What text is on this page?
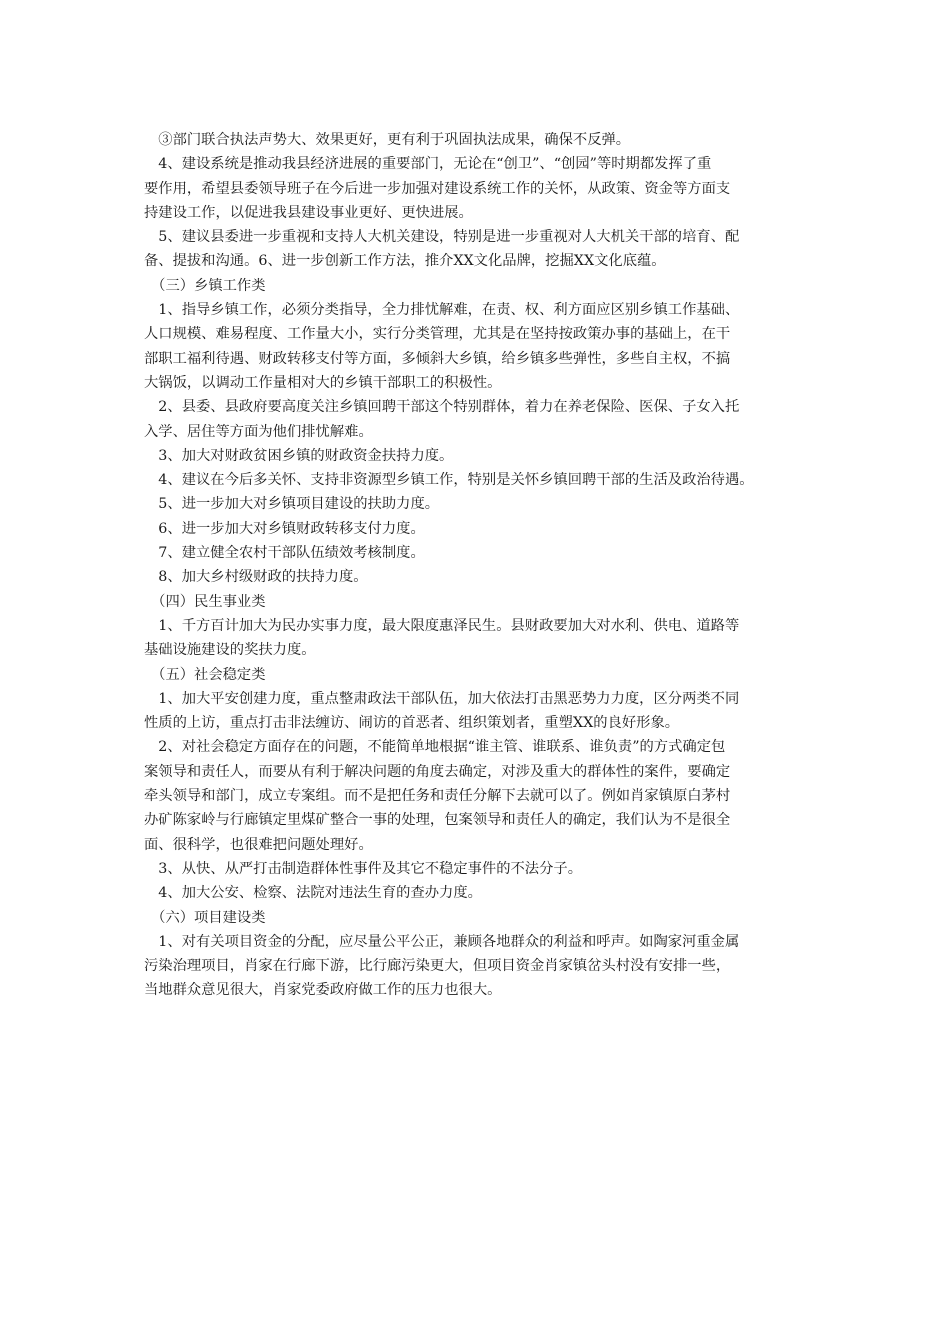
　③部门联合执法声势大、效果更好，更有利于巩固执法成果，确保不反弹。
　4、建设系统是推动我县经济进展的重要部门，无论在“创卫”、“创园”等时期都发挥了重
要作用，希望县委领导班子在今后进一步加强对建设系统工作的关怀，从政策、资金等方面支
持建设工作，以促进我县建设事业更好、更快进展。
　5、建议县委进一步重视和支持人大机关建设，特别是进一步重视对人大机关干部的培育、配
备、提拔和沟通。6、进一步创新工作方法，推介XX文化品牌，挖掘XX文化底蕴。
　（三）乡镇工作类
　1、指导乡镇工作，必须分类指导，全力排忧解难，在责、权、利方面应区别乡镇工作基础、
人口规模、难易程度、工作量大小，实行分类管理，尤其是在坚持按政策办事的基础上，在干
部职工福利待遇、财政转移支付等方面，多倾斜大乡镇，给乡镇多些弹性，多些自主权，不搞
大锅饭，以调动工作量相对大的乡镇干部职工的积极性。
　2、县委、县政府要高度关注乡镇回聘干部这个特别群体，着力在养老保险、医保、子女入托
入学、居住等方面为他们排忧解难。
　3、加大对财政贫困乡镇的财政资金扶持力度。
　4、建议在今后多关怀、支持非资源型乡镇工作，特别是关怀乡镇回聘干部的生活及政治待遇。
　5、进一步加大对乡镇项目建设的扶助力度。
　6、进一步加大对乡镇财政转移支付力度。
　7、建立健全农村干部队伍绩效考核制度。
　8、加大乡村级财政的扶持力度。
　（四）民生事业类
　1、千方百计加大为民办实事力度，最大限度惠泽民生。县财政要加大对水利、供电、道路等
基础设施建设的奖扶力度。
　（五）社会稳定类
　1、加大平安创建力度，重点整肃政法干部队伍，加大依法打击黑恶势力力度，区分两类不同
性质的上访，重点打击非法缠访、闹访的首恶者、组织策划者，重塑XX的良好形象。
　2、对社会稳定方面存在的问题，不能简单地根据“谁主管、谁联系、谁负责”的方式确定包
案领导和责任人，而要从有利于解决问题的角度去确定，对涉及重大的群体性的案件，要确定
牵头领导和部门，成立专案组。而不是把任务和责任分解下去就可以了。例如肖家镇原白茅村
办矿陈家岭与行廊镇定里煤矿整合一事的处理，包案领导和责任人的确定，我们认为不是很全
面、很科学，也很难把问题处理好。
　3、从快、从严打击制造群体性事件及其它不稳定事件的不法分子。
　4、加大公安、检察、法院对违法生育的查办力度。
　（六）项目建设类
　1、对有关项目资金的分配，应尽量公平公正，兼顾各地群众的利益和呼声。如陶家河重金属
污染治理项目，肖家在行廊下游，比行廊污染更大，但项目资金肖家镇岔头村没有安排一些，
当地群众意见很大，肖家党委政府做工作的压力也很大。
